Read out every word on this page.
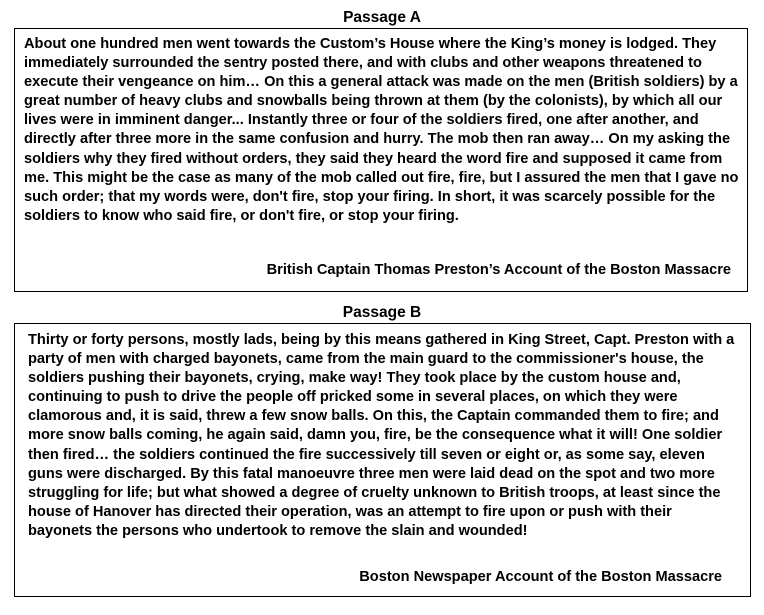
Passage A

About one hundred men went towards the Custom’s House where the King’s money is lodged. They immediately surrounded the sentry posted there, and with clubs and other weapons threatened to execute their vengeance on him… On this a general attack was made on the men (British soldiers) by a great number of heavy clubs and snowballs being thrown at them (by the colonists), by which all our lives were in imminent danger... Instantly three or four of the soldiers fired, one after another, and directly after three more in the same confusion and hurry. The mob then ran away… On my asking the soldiers why they fired without orders, they said they heard the word fire and supposed it came from me. This might be the case as many of the mob called out fire, fire, but I assured the men that I gave no such order; that my words were, don't fire, stop your firing. In short, it was scarcely possible for the soldiers to know who said fire, or don't fire, or stop your firing.

British Captain Thomas Preston’s Account of the Boston Massacre
Passage B

Thirty or forty persons, mostly lads, being by this means gathered in King Street, Capt. Preston with a party of men with charged bayonets, came from the main guard to the commissioner's house, the soldiers pushing their bayonets, crying, make way! They took place by the custom house and, continuing to push to drive the people off pricked some in several places, on which they were clamorous and, it is said, threw a few snow balls. On this, the Captain commanded them to fire; and more snow balls coming, he again said, damn you, fire, be the consequence what it will! One soldier then fired… the soldiers continued the fire successively till seven or eight or, as some say, eleven guns were discharged. By this fatal manoeuvre three men were laid dead on the spot and two more struggling for life; but what showed a degree of cruelty unknown to British troops, at least since the house of Hanover has directed their operation, was an attempt to fire upon or push with their bayonets the persons who undertook to remove the slain and wounded!

Boston Newspaper Account of the Boston Massacre
